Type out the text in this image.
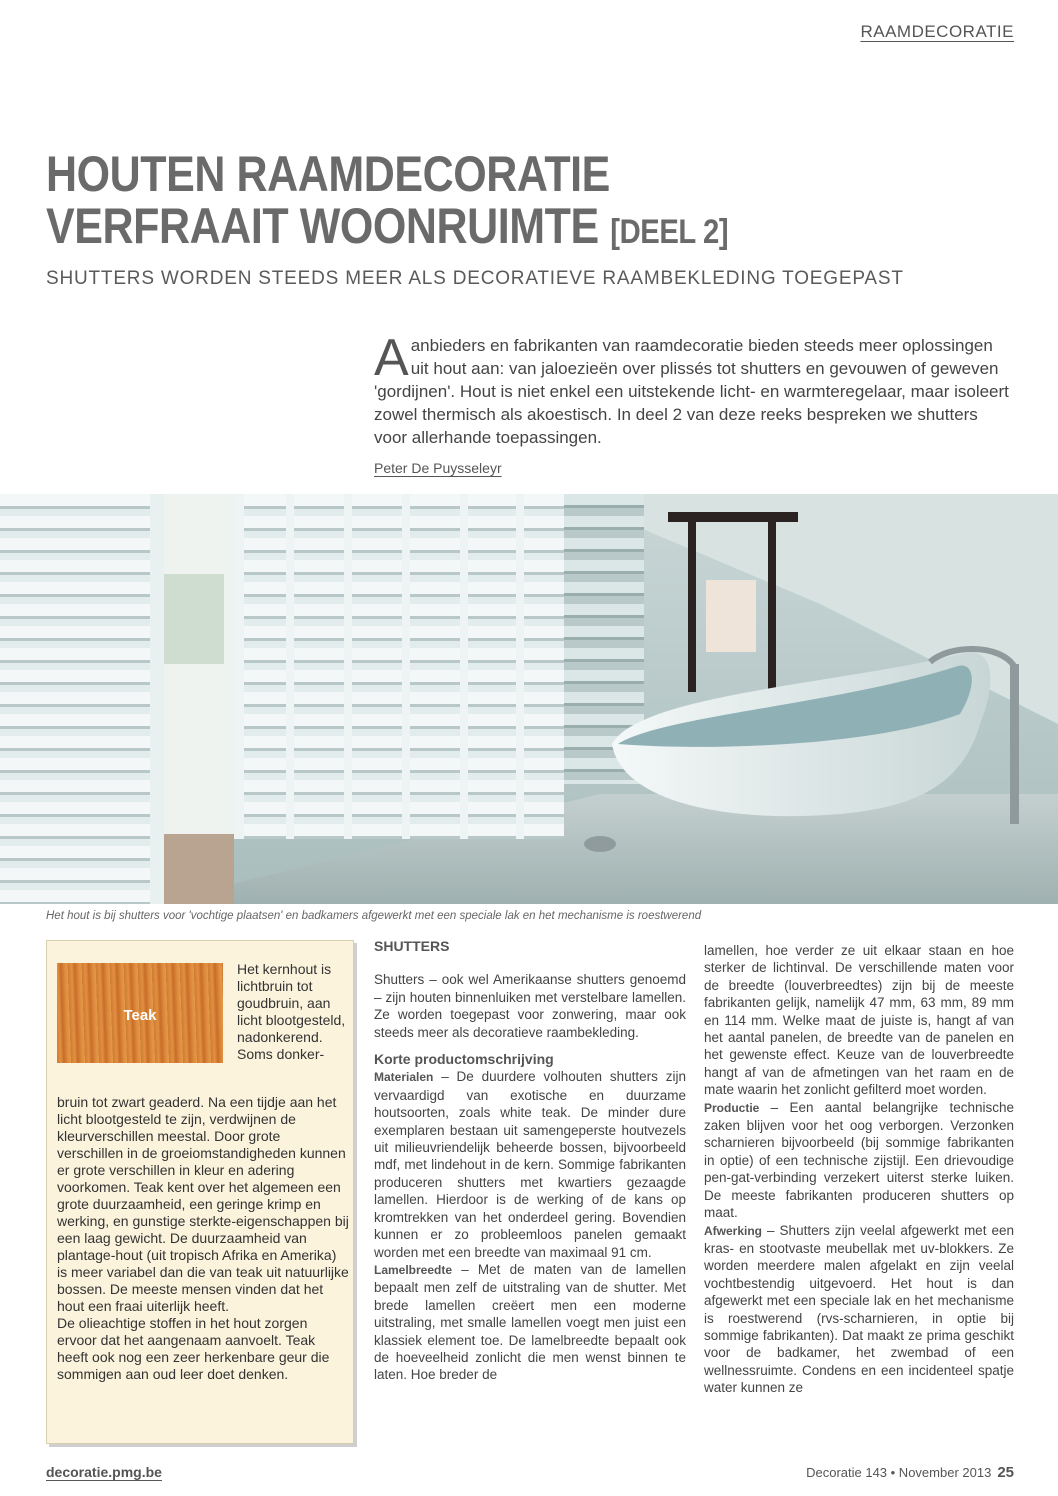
RAAMDECORATIE
HOUTEN RAAMDECORATIE
VERFRAAIT WOONRUIMTE [DEEL 2]
SHUTTERS WORDEN STEEDS MEER ALS DECORATIEVE RAAMBEKLEDING TOEGEPAST
Aanbieders en fabrikanten van raamdecoratie bieden steeds meer oplossingen uit hout aan: van jaloezieën over plissés tot shutters en gevouwen of geweven 'gordijnen'. Hout is niet enkel een uitstekende licht- en warmteregelaar, maar isoleert zowel thermisch als akoestisch. In deel 2 van deze reeks bespreken we shutters voor allerhande toepassingen.
Peter De Puysseleyr
Het hout is bij shutters voor 'vochtige plaatsen' en badkamers afgewerkt met een speciale lak en het mechanisme is roestwerend
Teak
Het kernhout is lichtbruin tot goudbruin, aan licht blootgesteld, nadonkerend. Soms donker-
bruin tot zwart geaderd. Na een tijdje aan het licht blootgesteld te zijn, verdwijnen de kleurverschillen meestal. Door grote verschillen in de groeiomstandigheden kunnen er grote verschillen in kleur en adering voorkomen. Teak kent over het algemeen een grote duurzaamheid, een geringe krimp en werking, en gunstige sterkte-eigenschappen bij een laag gewicht. De duurzaamheid van plantage-hout (uit tropisch Afrika en Amerika) is meer variabel dan die van teak uit natuurlijke bossen. De meeste mensen vinden dat het hout een fraai uiterlijk heeft.
De olieachtige stoffen in het hout zorgen ervoor dat het aangenaam aanvoelt. Teak heeft ook nog een zeer herkenbare geur die sommigen aan oud leer doet denken.
SHUTTERS

Shutters – ook wel Amerikaanse shutters genoemd – zijn houten binnenluiken met verstelbare lamellen. Ze worden toegepast voor zonwering, maar ook steeds meer als decoratieve raambekleding.

Korte productomschrijving

Materialen – De duurdere volhouten shutters zijn vervaardigd van exotische en duurzame houtsoorten, zoals white teak. De minder dure exemplaren bestaan uit samengeperste houtvezels uit milieuvriendelijk beheerde bossen, bijvoorbeeld mdf, met lindehout in de kern. Sommige fabrikanten produceren shutters met kwartiers gezaagde lamellen. Hierdoor is de werking of de kans op kromtrekken van het onderdeel gering. Bovendien kunnen er zo probleemloos panelen gemaakt worden met een breedte van maximaal 91 cm.

Lamelbreedte – Met de maten van de lamellen bepaalt men zelf de uitstraling van de shutter. Met brede lamellen creëert men een moderne uitstraling, met smalle lamellen voegt men juist een klassiek element toe. De lamelbreedte bepaalt ook de hoeveelheid zonlicht die men wenst binnen te laten. Hoe breder de

lamellen, hoe verder ze uit elkaar staan en hoe sterker de lichtinval. De verschillende maten voor de breedte (louverbreedtes) zijn bij de meeste fabrikanten gelijk, namelijk 47 mm, 63 mm, 89 mm en 114 mm. Welke maat de juiste is, hangt af van het aantal panelen, de breedte van de panelen en het gewenste effect. Keuze van de louverbreedte hangt af van de afmetingen van het raam en de mate waarin het zonlicht gefilterd moet worden.

Productie – Een aantal belangrijke technische zaken blijven voor het oog verborgen. Verzonken scharnieren bijvoorbeeld (bij sommige fabrikanten in optie) of een technische zijstijl. Een drievoudige pen-gat-verbinding verzekert uiterst sterke luiken. De meeste fabrikanten produceren shutters op maat.

Afwerking – Shutters zijn veelal afgewerkt met een kras- en stootvaste meubellak met uv-blokkers. Ze worden meerdere malen afgelakt en zijn veelal vochtbestendig uitgevoerd. Het hout is dan afgewerkt met een speciale lak en het mechanisme is roestwerend (rvs-scharnieren, in optie bij sommige fabrikanten). Dat maakt ze prima geschikt voor de badkamer, het zwembad of een wellnessruimte. Condens en een incidenteel spatje water kunnen ze

decoratie.pmg.be	Decoratie 143 • November 2013 25
